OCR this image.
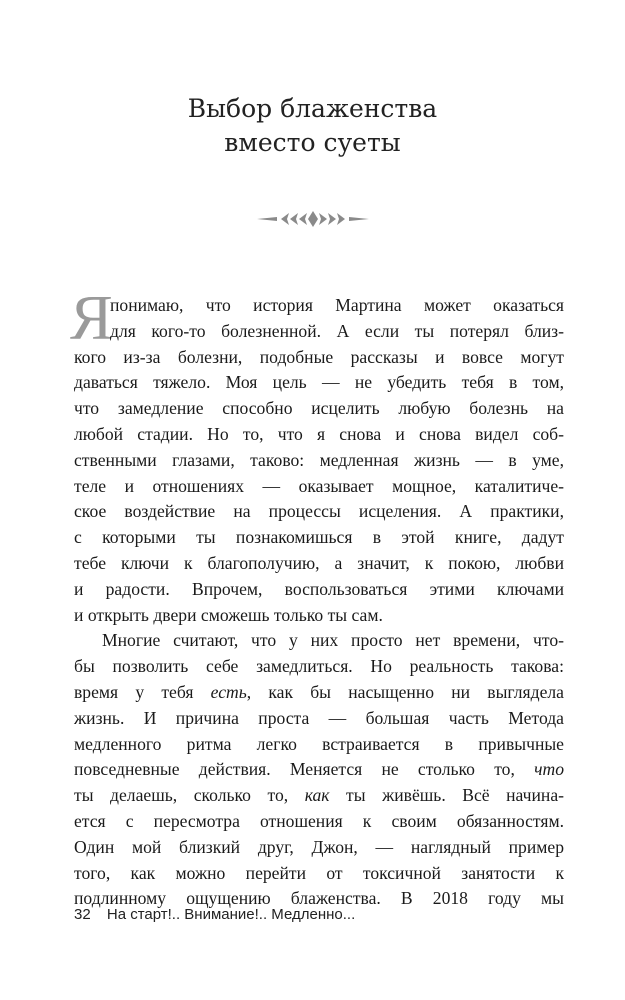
Выбор блаженства
вместо суеты
Я
понимаю, что история Мартина может оказаться
для кого-то болезненной. А если ты потерял близ-
кого из-за болезни, подобные рассказы и вовсе могут
даваться тяжело. Моя цель — не убедить тебя в том,
что замедление способно исцелить любую болезнь на
любой стадии. Но то, что я снова и снова видел соб-
ственными глазами, таково: медленная жизнь — в уме,
теле и отношениях — оказывает мощное, каталитиче-
ское воздействие на процессы исцеления. А практики,
с которыми ты познакомишься в этой книге, дадут
тебе ключи к благополучию, а значит, к покою, любви
и радости. Впрочем, воспользоваться этими ключами
и открыть двери сможешь только ты сам.
Многие считают, что у них просто нет времени, что-
бы позволить себе замедлиться. Но реальность такова:
время у тебя есть, как бы насыщенно ни выглядела
жизнь. И причина проста — большая часть Метода
медленного ритма легко встраивается в привычные
повседневные действия. Меняется не столько то, что
ты делаешь, сколько то, как ты живёшь. Всё начина-
ется с пересмотра отношения к своим обязанностям.
Один мой близкий друг, Джон, — наглядный пример
того, как можно перейти от токсичной занятости к
подлинному ощущению блаженства. В 2018 году мы
32 На старт!.. Внимание!.. Медленно...
